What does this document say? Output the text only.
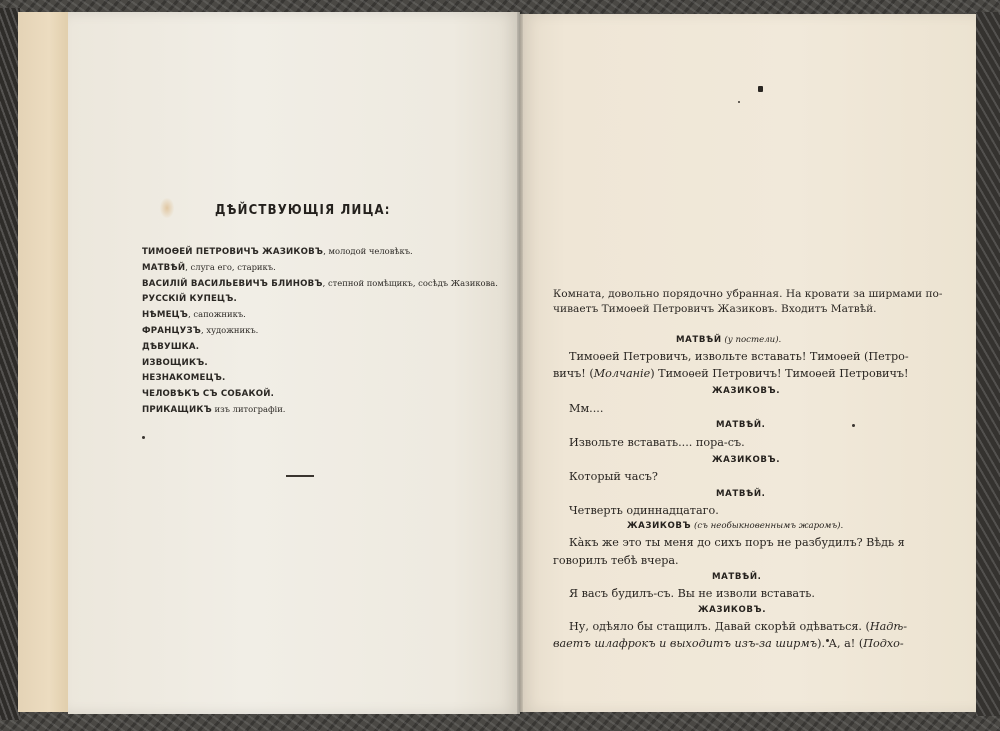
ДѢЙСТВУЮЩІЯ ЛИЦА:
ТИМОѲЕЙ ПЕТРОВИЧЪ ЖАЗИКОВЪ, молодой человѣкъ.
МАТВѢЙ, слуга его, старикъ.
ВАСИЛІЙ ВАСИЛЬЕВИЧЪ БЛИНОВЪ, степной помѣщикъ, сосѣдъ Жазикова.
РУССКІЙ КУПЕЦЪ.
НѢМЕЦЪ, сапожникъ.
ФРАНЦУЗЪ, художникъ.
ДѢВУШКА.
ИЗВОЩИКЪ.
НЕЗНАКОМЕЦЪ.
ЧЕЛОВѢКЪ СЪ СОБАКОЙ.
ПРИКАЩИКЪ изъ литографіи.
Комната, довольно порядочно убранная. На кровати за ширмами по-
чиваетъ Тимоѳей Петровичъ Жазиковъ. Входитъ Матвѣй.
МАТВѢЙ (у постели).
Тимоѳей Петровичъ, извольте вставать! Тимоѳей (Петро-
вичъ! (Молчаніе) Тимоѳей Петровичъ! Тимоѳей Петровичъ!
ЖАЗИКОВЪ.
Мм....
МАТВѢЙ.
Извольте вставать.... пора-съ.
ЖАЗИКОВЪ.
Который часъ?
МАТВѢЙ.
Четверть одиннадцатаго.
ЖАЗИКОВЪ (съ необыкновеннымъ жаромъ).
Кàкъ же это ты меня до сихъ поръ не разбудилъ? Вѣдь я
говорилъ тебѣ вчера.
МАТВѢЙ.
Я васъ будилъ-съ. Вы не изволи вставать.
ЖАЗИКОВЪ.
Ну, одѣяло бы стащилъ. Давай скорѣй одѣваться. (Надѣ-
ваетъ шлафрокъ и выходитъ изъ-за ширмъ). А, а! (Подхо-
